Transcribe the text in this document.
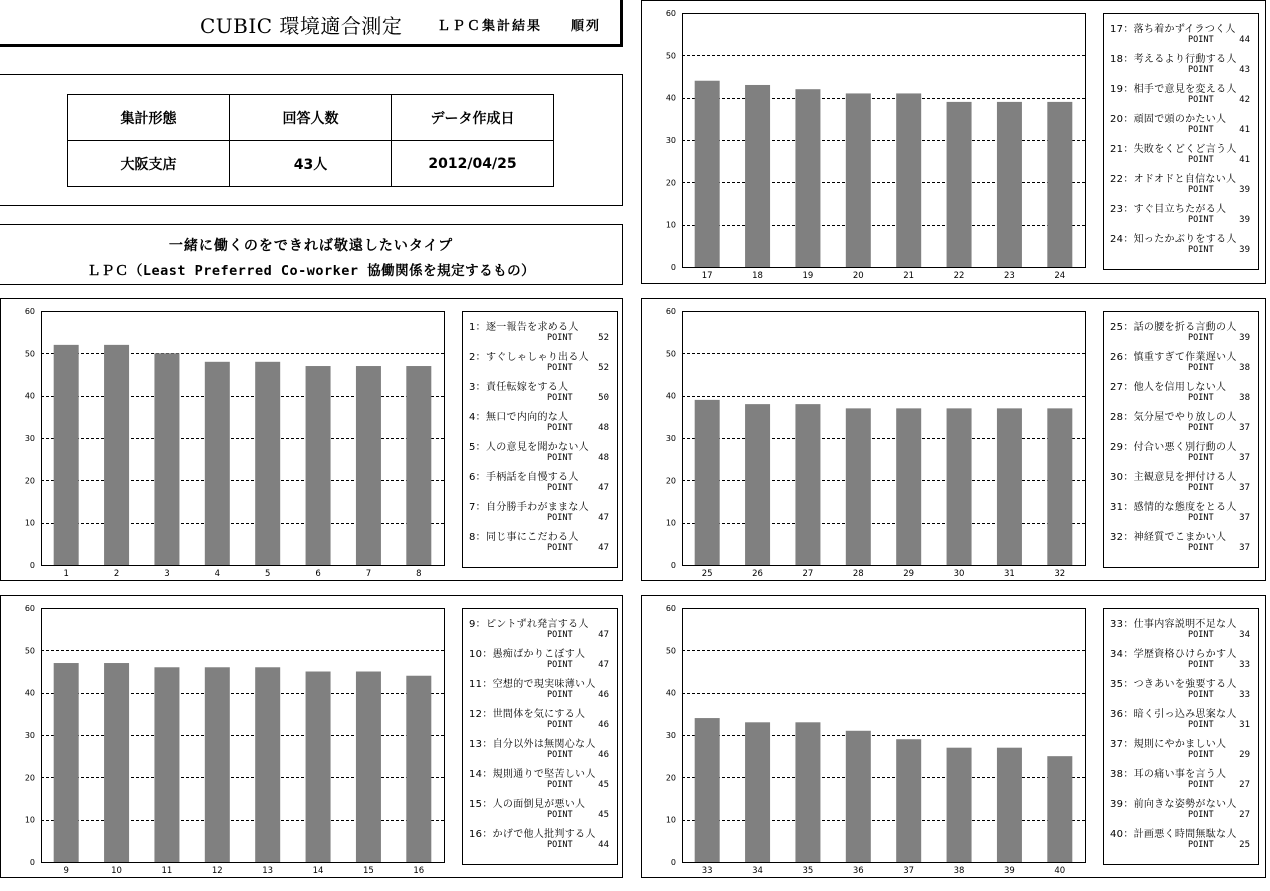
CUBIC 環境適合測定	ＬＰＣ集計結果 順列
集計形態	回答人数	データ作成日
大阪支店	43人	2012/04/25
一緒に働くのをできれば敬遠したいタイプ
ＬＰＣ（Least Preferred Co-worker 協働関係を規定するもの）
0
10
20
30
40
50
60
1	2	3	4	5	6	7	8
1：逐一報告を求める人
POINT	52
2：すぐしゃしゃり出る人
POINT	52
3：責任転嫁をする人
POINT	50
4：無口で内向的な人
POINT	48
5：人の意見を聞かない人
POINT	48
6：手柄話を自慢する人
POINT	47
7：自分勝手わがままな人
POINT	47
8：同じ事にこだわる人
POINT	47
0
10
20
30
40
50
60
9	10	11	12	13	14	15	16
9：ピントずれ発言する人
POINT	47
10：愚痴ばかりこぼす人
POINT	47
11：空想的で現実味薄い人
POINT	46
12：世間体を気にする人
POINT	46
13：自分以外は無関心な人
POINT	46
14：規則通りで堅苦しい人
POINT	45
15：人の面倒見が悪い人
POINT	45
16：かげで他人批判する人
POINT	44
0
10
20
30
40
50
60
17	18	19	20	21	22	23	24
17：落ち着かずイラつく人
POINT	44
18：考えるより行動する人
POINT	43
19：相手で意見を変える人
POINT	42
20：頑固で頭のかたい人
POINT	41
21：失敗をくどくど言う人
POINT	41
22：オドオドと自信ない人
POINT	39
23：すぐ目立ちたがる人
POINT	39
24：知ったかぶりをする人
POINT	39
0
10
20
30
40
50
60
25	26	27	28	29	30	31	32
25：話の腰を折る言動の人
POINT	39
26：慎重すぎて作業遅い人
POINT	38
27：他人を信用しない人
POINT	38
28：気分屋でやり放しの人
POINT	37
29：付合い悪く別行動の人
POINT	37
30：主観意見を押付ける人
POINT	37
31：感情的な態度をとる人
POINT	37
32：神経質でこまかい人
POINT	37
0
10
20
30
40
50
60
33	34	35	36	37	38	39	40
33：仕事内容説明不足な人
POINT	34
34：学歴資格ひけらかす人
POINT	33
35：つきあいを強要する人
POINT	33
36：暗く引っ込み思案な人
POINT	31
37：規則にやかましい人
POINT	29
38：耳の痛い事を言う人
POINT	27
39：前向きな姿勢がない人
POINT	27
40：計画悪く時間無駄な人
POINT	25
